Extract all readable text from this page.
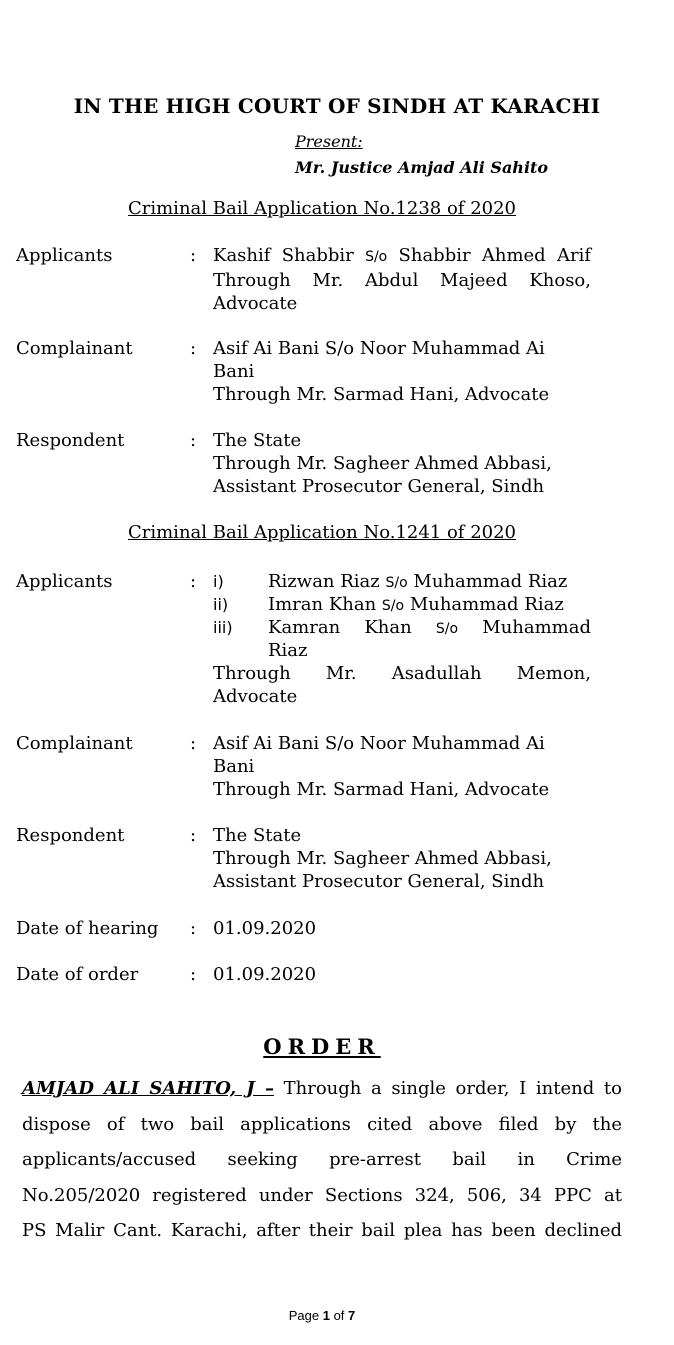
IN THE HIGH COURT OF SINDH AT KARACHI
Present:
Mr. Justice Amjad Ali Sahito
Criminal Bail Application No.1238 of 2020
Applicants	: Kashif Shabbir S/o Shabbir Ahmed Arif
Through Mr. Abdul Majeed Khoso,
Advocate
Complainant	: Asif Ai Bani S/o Noor Muhammad Ai
Bani
Through Mr. Sarmad Hani, Advocate
Respondent	: The State
Through Mr. Sagheer Ahmed Abbasi,
Assistant Prosecutor General, Sindh
Criminal Bail Application No.1241 of 2020
Applicants	: i) Rizwan Riaz S/o Muhammad Riaz
ii) Imran Khan S/o Muhammad Riaz
iii) Kamran Khan S/o Muhammad
Riaz
Through Mr. Asadullah Memon,
Advocate
Complainant	: Asif Ai Bani S/o Noor Muhammad Ai
Bani
Through Mr. Sarmad Hani, Advocate
Respondent	: The State
Through Mr. Sagheer Ahmed Abbasi,
Assistant Prosecutor General, Sindh
Date of hearing	: 01.09.2020
Date of order	: 01.09.2020
ORDER
AMJAD ALI SAHITO, J – Through a single order, I intend to
dispose of two bail applications cited above filed by the
applicants/accused seeking pre-arrest bail in Crime
No.205/2020 registered under Sections 324, 506, 34 PPC at
PS Malir Cant. Karachi, after their bail plea has been declined
Page 1 of 7
